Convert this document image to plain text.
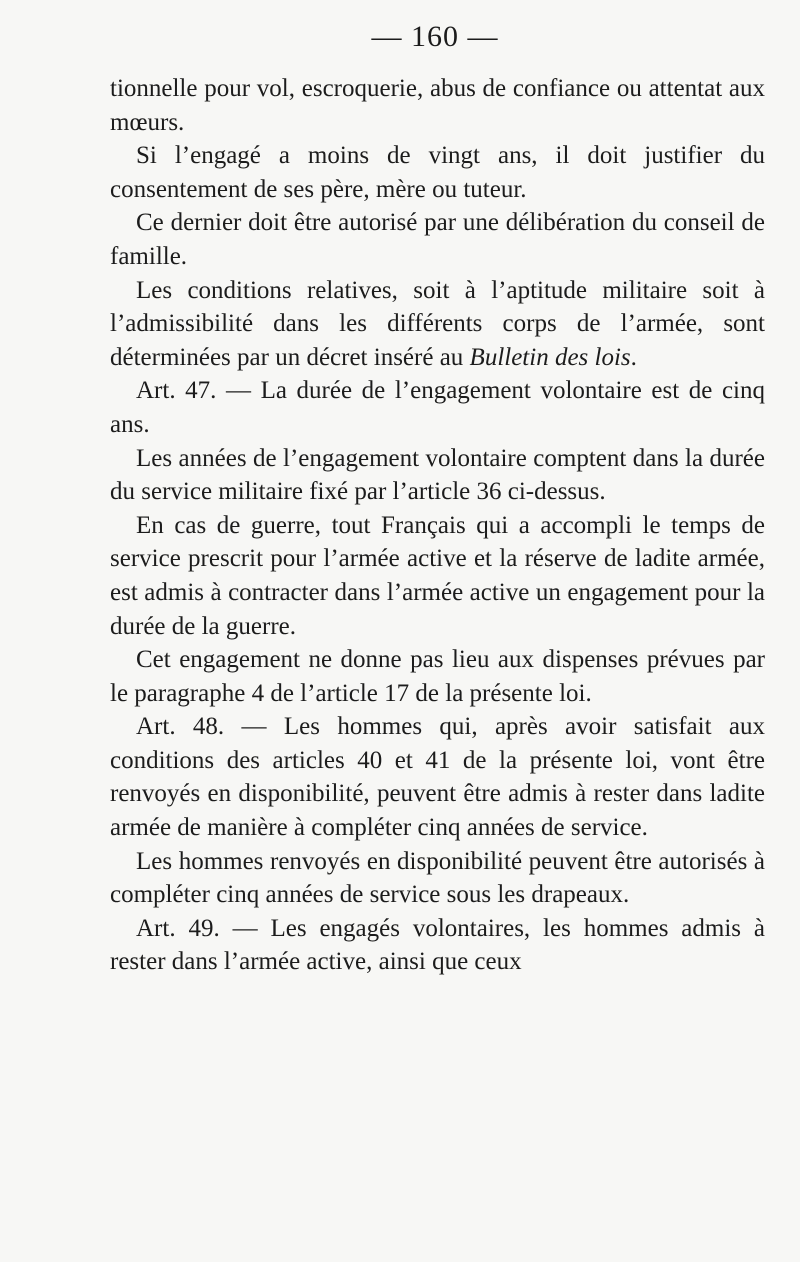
— 160 —

tionnelle pour vol, escroquerie, abus de confiance ou attentat aux mœurs.

Si l’engagé a moins de vingt ans, il doit justifier du consentement de ses père, mère ou tuteur.

Ce dernier doit être autorisé par une délibération du conseil de famille.

Les conditions relatives, soit à l’aptitude militaire soit à l’admissibilité dans les différents corps de l’armée, sont déterminées par un décret inséré au Bulletin des lois.

Art. 47. — La durée de l’engagement volontaire est de cinq ans.

Les années de l’engagement volontaire comptent dans la durée du service militaire fixé par l’article 36 ci-dessus.

En cas de guerre, tout Français qui a accompli le temps de service prescrit pour l’armée active et la réserve de ladite armée, est admis à contracter dans l’armée active un engagement pour la durée de la guerre.

Cet engagement ne donne pas lieu aux dispenses prévues par le paragraphe 4 de l’article 17 de la présente loi.

Art. 48. — Les hommes qui, après avoir satisfait aux conditions des articles 40 et 41 de la présente loi, vont être renvoyés en disponibilité, peuvent être admis à rester dans ladite armée de manière à compléter cinq années de service.

Les hommes renvoyés en disponibilité peuvent être autorisés à compléter cinq années de service sous les drapeaux.

Art. 49. — Les engagés volontaires, les hommes admis à rester dans l’armée active, ainsi que ceux
